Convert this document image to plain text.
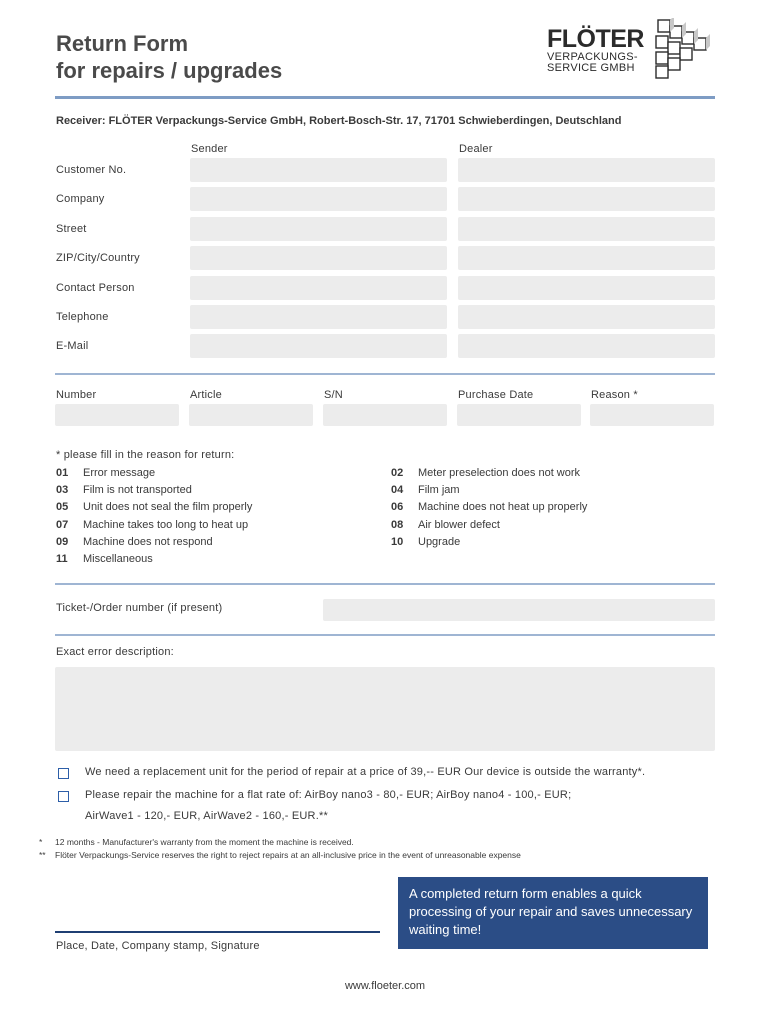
Return Form
for repairs / upgrades
FLÖTER
VERPACKUNGS-
SERVICE GMBH
Receiver: FLÖTER Verpackungs-Service GmbH, Robert-Bosch-Str. 17, 71701 Schwieberdingen, Deutschland
Sender	Dealer
Customer No.
Company
Street
ZIP/City/Country
Contact Person
Telephone
E-Mail
Number	Article	S/N	Purchase Date	Reason *
* please fill in the reason for return:
01 Error message
03 Film is not transported
05 Unit does not seal the film properly
07 Machine takes too long to heat up
09 Machine does not respond
11 Miscellaneous
02 Meter preselection does not work
04 Film jam
06 Machine does not heat up properly
08 Air blower defect
10 Upgrade
Ticket-/Order number (if present)
Exact error description:
We need a replacement unit for the period of repair at a price of 39,-- EUR Our device is outside the warranty*.
Please repair the machine for a flat rate of: AirBoy nano3 - 80,- EUR; AirBoy nano4 - 100,- EUR;
AirWave1 - 120,- EUR, AirWave2 - 160,- EUR.**
* 12 months - Manufacturer's warranty from the moment the machine is received.
** Flöter Verpackungs-Service reserves the right to reject repairs at an all-inclusive price in the event of unreasonable expense
A completed return form enables a quick processing of your repair and saves unnecessary waiting time!
Place, Date, Company stamp, Signature
www.floeter.com
